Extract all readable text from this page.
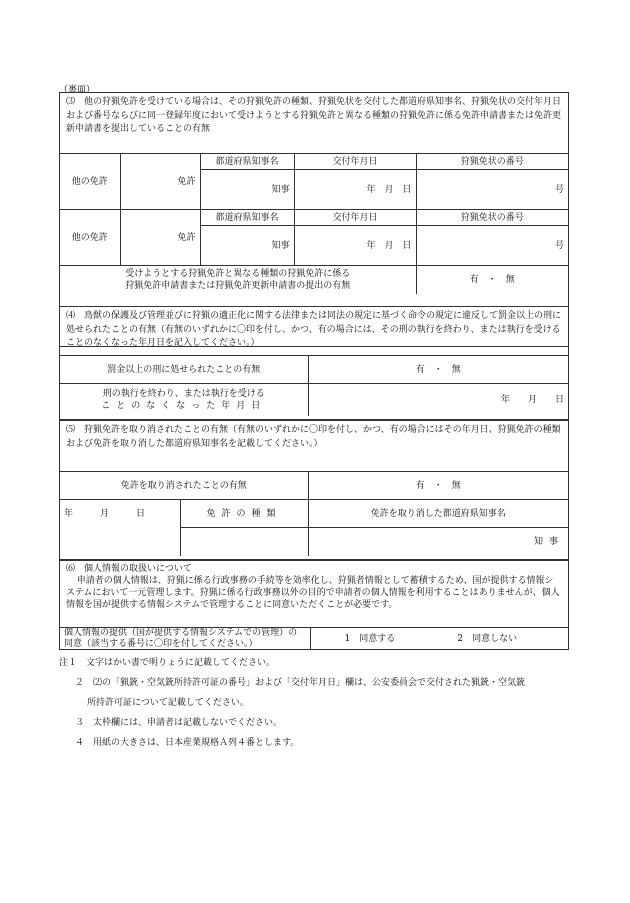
（裏面）
⑶　他の狩猟免許を受けている場合は、その狩猟免許の種類、狩猟免状を交付した都道府県知事名、狩猟免状の交付年月日および番号ならびに同一登録年度において受けようとする狩猟免許と異なる種類の狩猟免許に係る免許申請書または免許更新申請書を提出していることの有無
他の免許	免許	都道府県知事名	交付年月日	狩猟免状の番号
		知事	年　月　日	号
他の免許	免許	都道府県知事名	交付年月日	狩猟免状の番号
		知事	年　月　日	号

受けようとする狩猟免許と異なる種類の狩猟免許に係る
狩猟免許申請書または狩猟免許更新申請書の提出の有無				有　・　無
⑷　鳥獣の保護及び管理並びに狩猟の適正化に関する法律または同法の規定に基づく命令の規定に違反して罰金以上の刑に処せられたことの有無（有無のいずれかに〇印を付し、かつ、有の場合には、その刑の執行を終わり、または執行を受けることのなくなった年月日を記入してください。）
罰金以上の刑に処せられたことの有無	有　・　無

刑の執行を終わり、または執行を受ける
ことのなくなった年月日	年　　月　　日
⑸　狩猟免許を取り消されたことの有無（有無のいずれかに〇印を付し、かつ、有の場合にはその年月日、狩猟免許の種類および免許を取り消した都道府県知事名を記載してください。）
免許を取り消されたことの有無		有　・　無
年　　　月　　　日	免許の種類	免許を取り消した都道府県知事名
		知事
⑹　個人情報の取扱いについて
申請者の個人情報は、狩猟に係る行政事務の手続等を効率化し、狩猟者情報として蓄積するため、国が提供する情報システムにおいて一元管理します。狩猟に係る行政事務以外の目的で申請者の個人情報を利用することはありませんが、個人情報を国が提供する情報システムで管理することに同意いただくことが必要です。
個人情報の提供（国が提供する情報システムでの管理）の同意（該当する番号に〇印を付してください。）	1　同意する	2　同意しない
注１　文字はかい書で明りょうに記載してください。
２　⑵の「猟銃・空気銃所持許可証の番号」および「交付年月日」欄は、公安委員会で交付された猟銃・空気銃
所持許可証について記載してください。
３　太枠欄には、申請者は記載しないでください。
４　用紙の大きさは、日本産業規格Ａ列４番とします。
